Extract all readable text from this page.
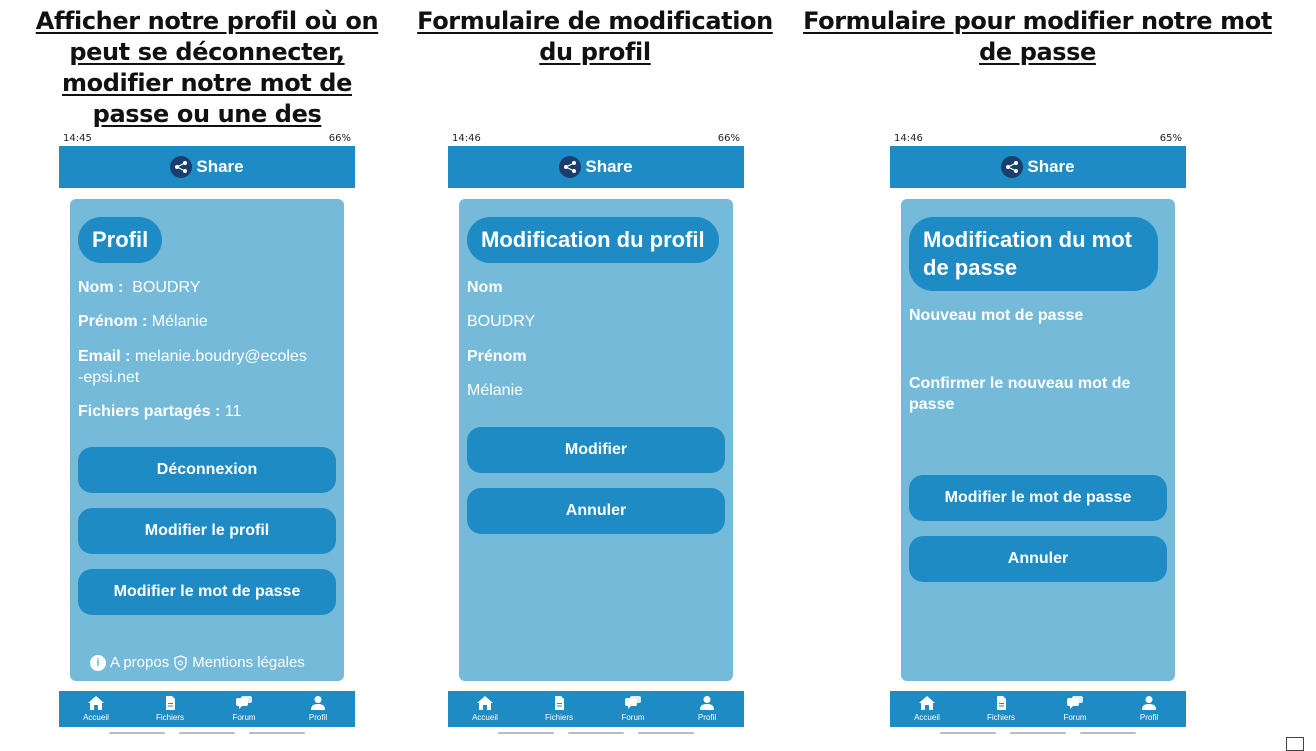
Afficher notre profil où on peut se déconnecter, modifier notre mot de passe ou une des
Formulaire de modification du profil
Formulaire pour modifier notre mot de passe
14:45	66%
Share
Profil
Nom : BOUDRY
Prénom : Mélanie
Email : melanie.boudry@ecoles
-epsi.net
Fichiers partagés : 11
Déconnexion
Modifier le profil
Modifier le mot de passe
i A propos Mentions légales
Accueil	Fichiers	Forum	Profil
14:46	66%
Share
Modification du profil
Nom
BOUDRY
Prénom
Mélanie
Modifier
Annuler
Accueil	Fichiers	Forum	Profil
14:46	65%
Share
Modification du mot de passe
Nouveau mot de passe
Confirmer le nouveau mot de passe
Modifier le mot de passe
Annuler
Accueil	Fichiers	Forum	Profil
